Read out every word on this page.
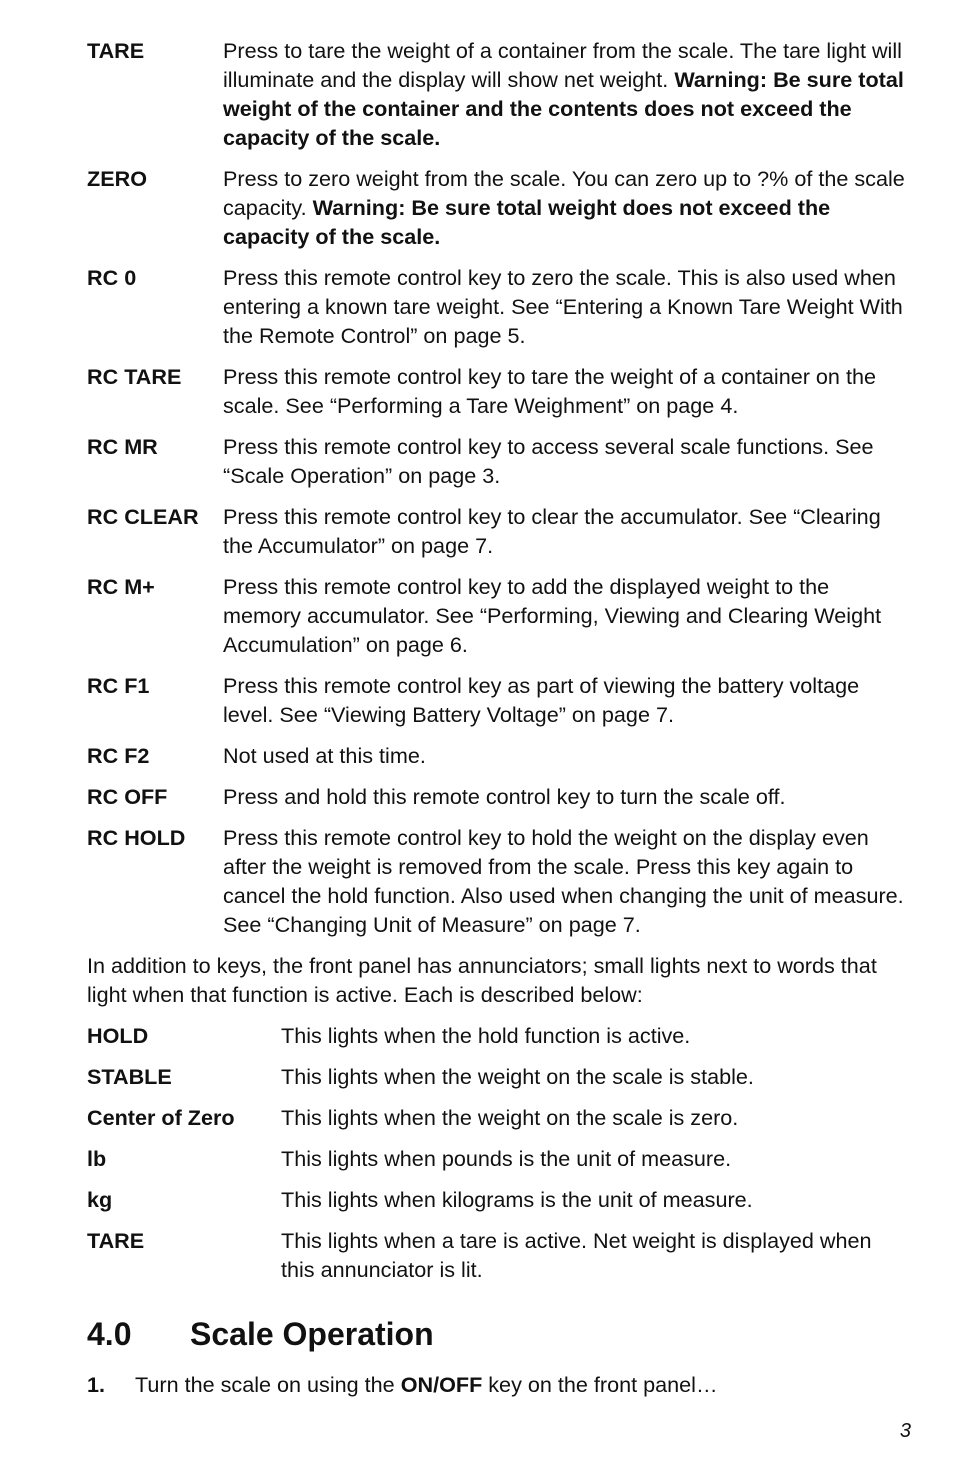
TARE	Press to tare the weight of a container from the scale. The tare light will illuminate and the display will show net weight. Warning: Be sure total weight of the container and the contents does not exceed the capacity of the scale.
ZERO	Press to zero weight from the scale. You can zero up to ?% of the scale capacity. Warning: Be sure total weight does not exceed the capacity of the scale.
RC 0	Press this remote control key to zero the scale. This is also used when entering a known tare weight. See “Entering a Known Tare Weight With the Remote Control” on page 5.
RC TARE	Press this remote control key to tare the weight of a container on the scale. See “Performing a Tare Weighment” on page 4.
RC MR	Press this remote control key to access several scale functions. See “Scale Operation” on page 3.
RC CLEAR	Press this remote control key to clear the accumulator. See “Clearing the Accumulator” on page 7.
RC M+	Press this remote control key to add the displayed weight to the memory accumulator. See “Performing, Viewing and Clearing Weight Accumulation” on page 6.
RC F1	Press this remote control key as part of viewing the battery voltage level. See “Viewing Battery Voltage” on page 7.
RC F2	Not used at this time.
RC OFF	Press and hold this remote control key to turn the scale off.
RC HOLD	Press this remote control key to hold the weight on the display even after the weight is removed from the scale. Press this key again to cancel the hold function. Also used when changing the unit of measure. See “Changing Unit of Measure” on page 7.
In addition to keys, the front panel has annunciators; small lights next to words that light when that function is active. Each is described below:
HOLD	This lights when the hold function is active.
STABLE	This lights when the weight on the scale is stable.
Center of Zero	This lights when the weight on the scale is zero.
lb	This lights when pounds is the unit of measure.
kg	This lights when kilograms is the unit of measure.
TARE	This lights when a tare is active. Net weight is displayed when this annunciator is lit.
4.0	Scale Operation
1.	Turn the scale on using the ON/OFF key on the front panel…
3
